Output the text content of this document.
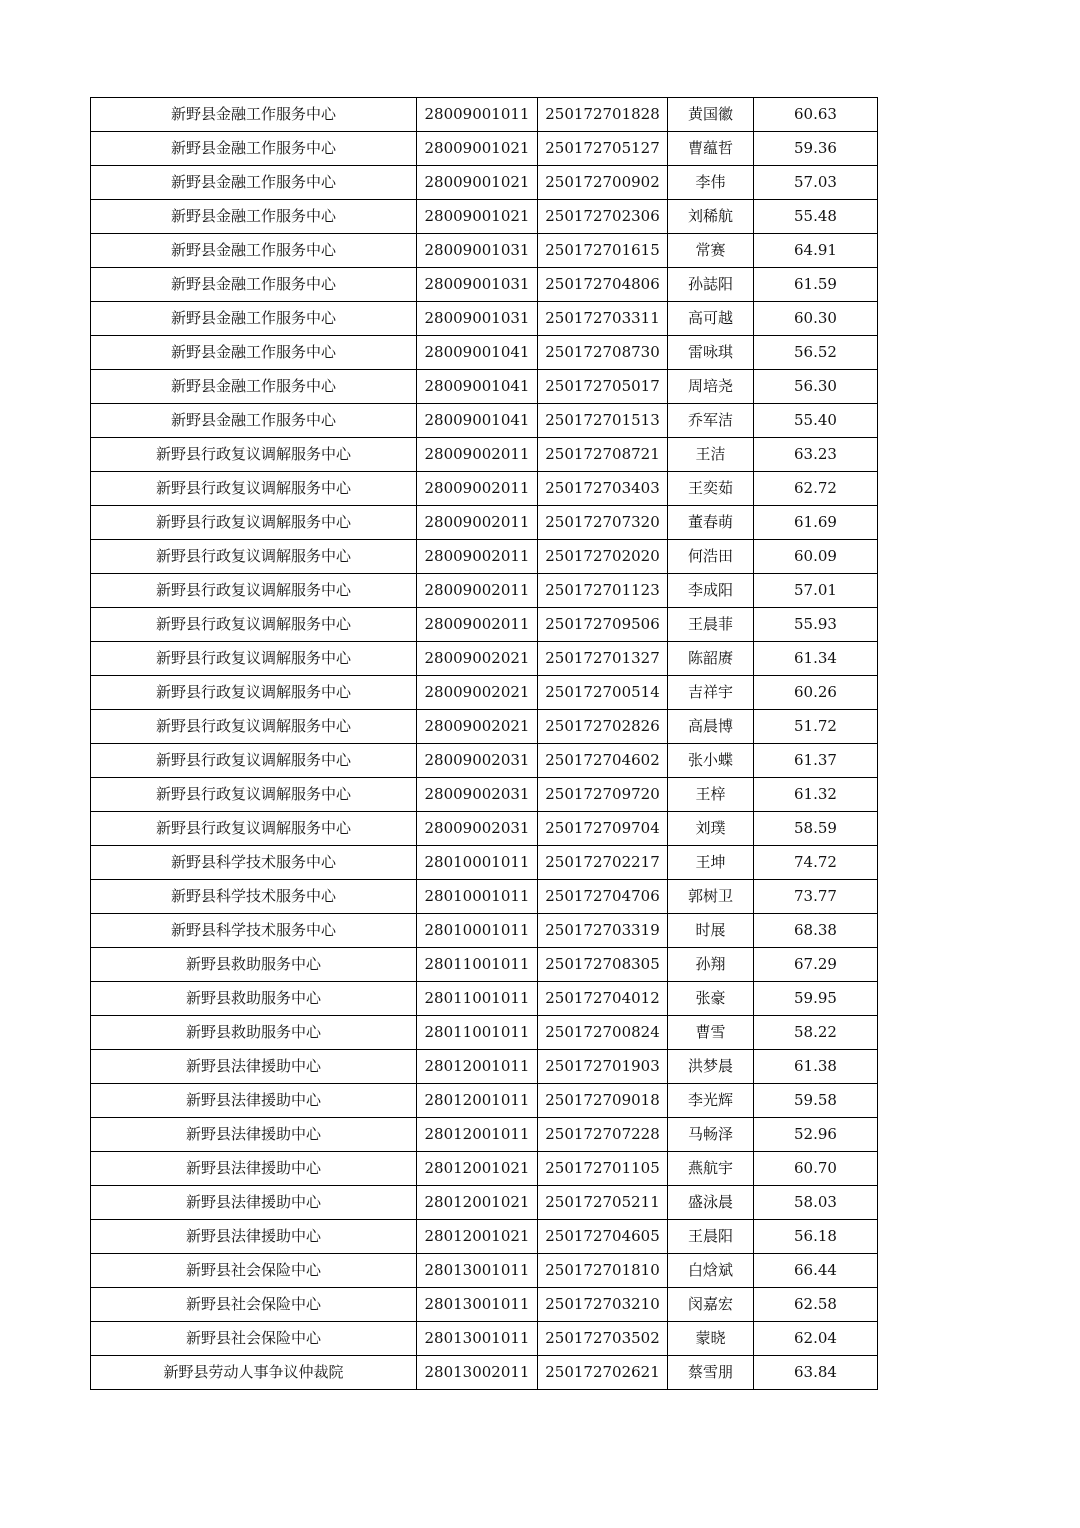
新野县金融工作服务中心	28009001011	250172701828	黄国徽	60.63
新野县金融工作服务中心	28009001021	250172705127	曹蕴哲	59.36
新野县金融工作服务中心	28009001021	250172700902	李伟	57.03
新野县金融工作服务中心	28009001021	250172702306	刘稀航	55.48
新野县金融工作服务中心	28009001031	250172701615	常赛	64.91
新野县金融工作服务中心	28009001031	250172704806	孙誌阳	61.59
新野县金融工作服务中心	28009001031	250172703311	高可越	60.30
新野县金融工作服务中心	28009001041	250172708730	雷咏琪	56.52
新野县金融工作服务中心	28009001041	250172705017	周培尧	56.30
新野县金融工作服务中心	28009001041	250172701513	乔军洁	55.40
新野县行政复议调解服务中心	28009002011	250172708721	王洁	63.23
新野县行政复议调解服务中心	28009002011	250172703403	王奕茹	62.72
新野县行政复议调解服务中心	28009002011	250172707320	董春萌	61.69
新野县行政复议调解服务中心	28009002011	250172702020	何浩田	60.09
新野县行政复议调解服务中心	28009002011	250172701123	李成阳	57.01
新野县行政复议调解服务中心	28009002011	250172709506	王晨菲	55.93
新野县行政复议调解服务中心	28009002021	250172701327	陈韶赓	61.34
新野县行政复议调解服务中心	28009002021	250172700514	吉祥宇	60.26
新野县行政复议调解服务中心	28009002021	250172702826	高晨博	51.72
新野县行政复议调解服务中心	28009002031	250172704602	张小蝶	61.37
新野县行政复议调解服务中心	28009002031	250172709720	王梓	61.32
新野县行政复议调解服务中心	28009002031	250172709704	刘璞	58.59
新野县科学技术服务中心	28010001011	250172702217	王坤	74.72
新野县科学技术服务中心	28010001011	250172704706	郭树卫	73.77
新野县科学技术服务中心	28010001011	250172703319	时展	68.38
新野县救助服务中心	28011001011	250172708305	孙翔	67.29
新野县救助服务中心	28011001011	250172704012	张豪	59.95
新野县救助服务中心	28011001011	250172700824	曹雪	58.22
新野县法律援助中心	28012001011	250172701903	洪梦晨	61.38
新野县法律援助中心	28012001011	250172709018	李光辉	59.58
新野县法律援助中心	28012001011	250172707228	马畅泽	52.96
新野县法律援助中心	28012001021	250172701105	燕航宇	60.70
新野县法律援助中心	28012001021	250172705211	盛泳晨	58.03
新野县法律援助中心	28012001021	250172704605	王晨阳	56.18
新野县社会保险中心	28013001011	250172701810	白焓斌	66.44
新野县社会保险中心	28013001011	250172703210	闵嘉宏	62.58
新野县社会保险中心	28013001011	250172703502	蒙晓	62.04
新野县劳动人事争议仲裁院	28013002011	250172702621	蔡雪朋	63.84
